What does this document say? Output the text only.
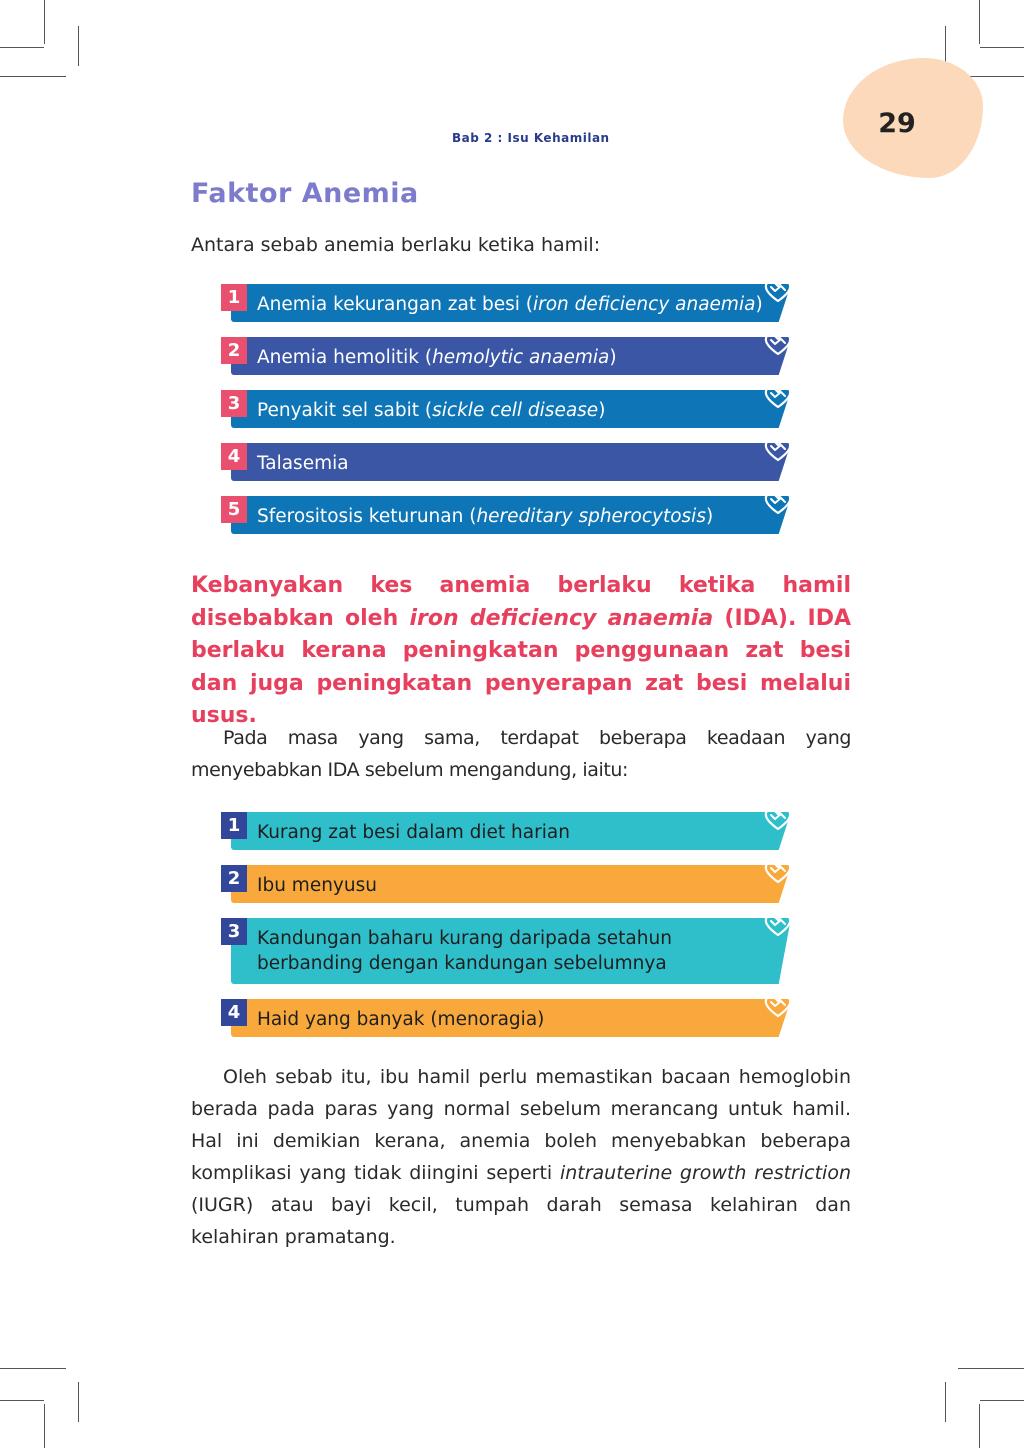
29
Bab 2 : Isu Kehamilan
Faktor Anemia

Antara sebab anemia berlaku ketika hamil:

1 Anemia kekurangan zat besi (iron deficiency anaemia)
2 Anemia hemolitik (hemolytic anaemia)
3 Penyakit sel sabit (sickle cell disease)
4 Talasemia
5 Sferositosis keturunan (hereditary spherocytosis)

Kebanyakan kes anemia berlaku ketika hamil disebabkan oleh iron deficiency anaemia (IDA). IDA berlaku kerana peningkatan penggunaan zat besi dan juga peningkatan penyerapan zat besi melalui usus.

Pada masa yang sama, terdapat beberapa keadaan yang menyebabkan IDA sebelum mengandung, iaitu:

1 Kurang zat besi dalam diet harian
2 Ibu menyusu
3 Kandungan baharu kurang daripada setahun
berbanding dengan kandungan sebelumnya
4 Haid yang banyak (menoragia)

Oleh sebab itu, ibu hamil perlu memastikan bacaan hemoglobin berada pada paras yang normal sebelum merancang untuk hamil. Hal ini demikian kerana, anemia boleh menyebabkan beberapa komplikasi yang tidak diingini seperti intrauterine growth restriction (IUGR) atau bayi kecil, tumpah darah semasa kelahiran dan kelahiran pramatang.
